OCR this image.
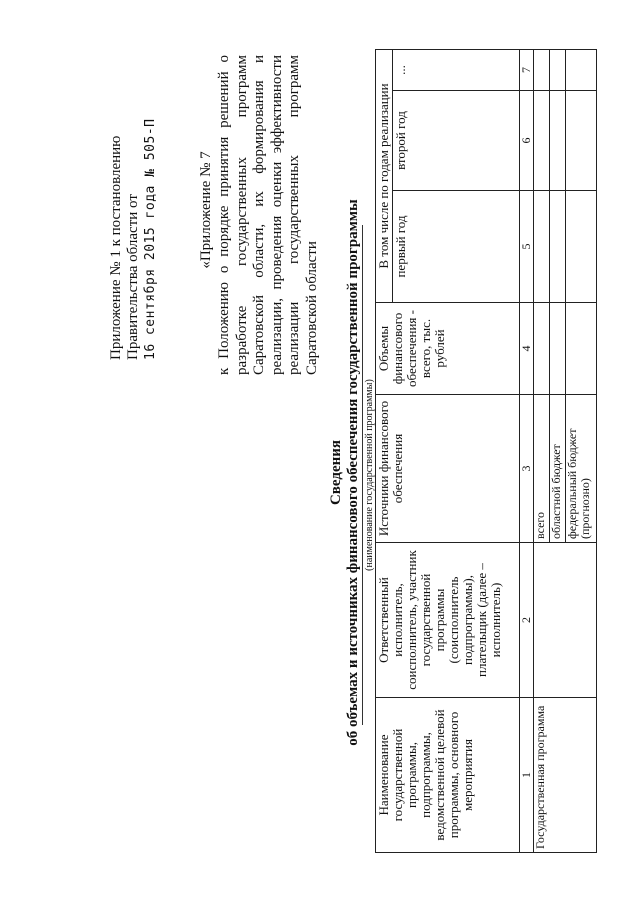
Приложение № 1 к постановлению Правительства области от 16 сентября 2015 года № 505-П	«Приложение № 7 к Положению о порядке принятия решений о разработке государственных программ Саратовской области, их формирования и реализации, проведения оценки эффективности реализации государственных программ Саратовской области
Сведения об объемах и источниках финансового обеспечения государственной программы (наименование государственной программы)
Наименование государственной программы, подпрограммы, ведомственной целевой программы, основного мероприятия	Ответственный исполнитель, соисполнитель, участник государственной программы (соисполнитель подпрограммы), плательщик (далее – исполнитель)	Источники финансового обеспечения	Объемы финансового обеспечения - всего, тыс. рублей	В том числе по годам реализации		
				первый год	второй год	...
1	2	3	4	5	6	7
Государственная программа		всего				
		областной бюджет				
		федеральный бюджет (прогнозно)				
